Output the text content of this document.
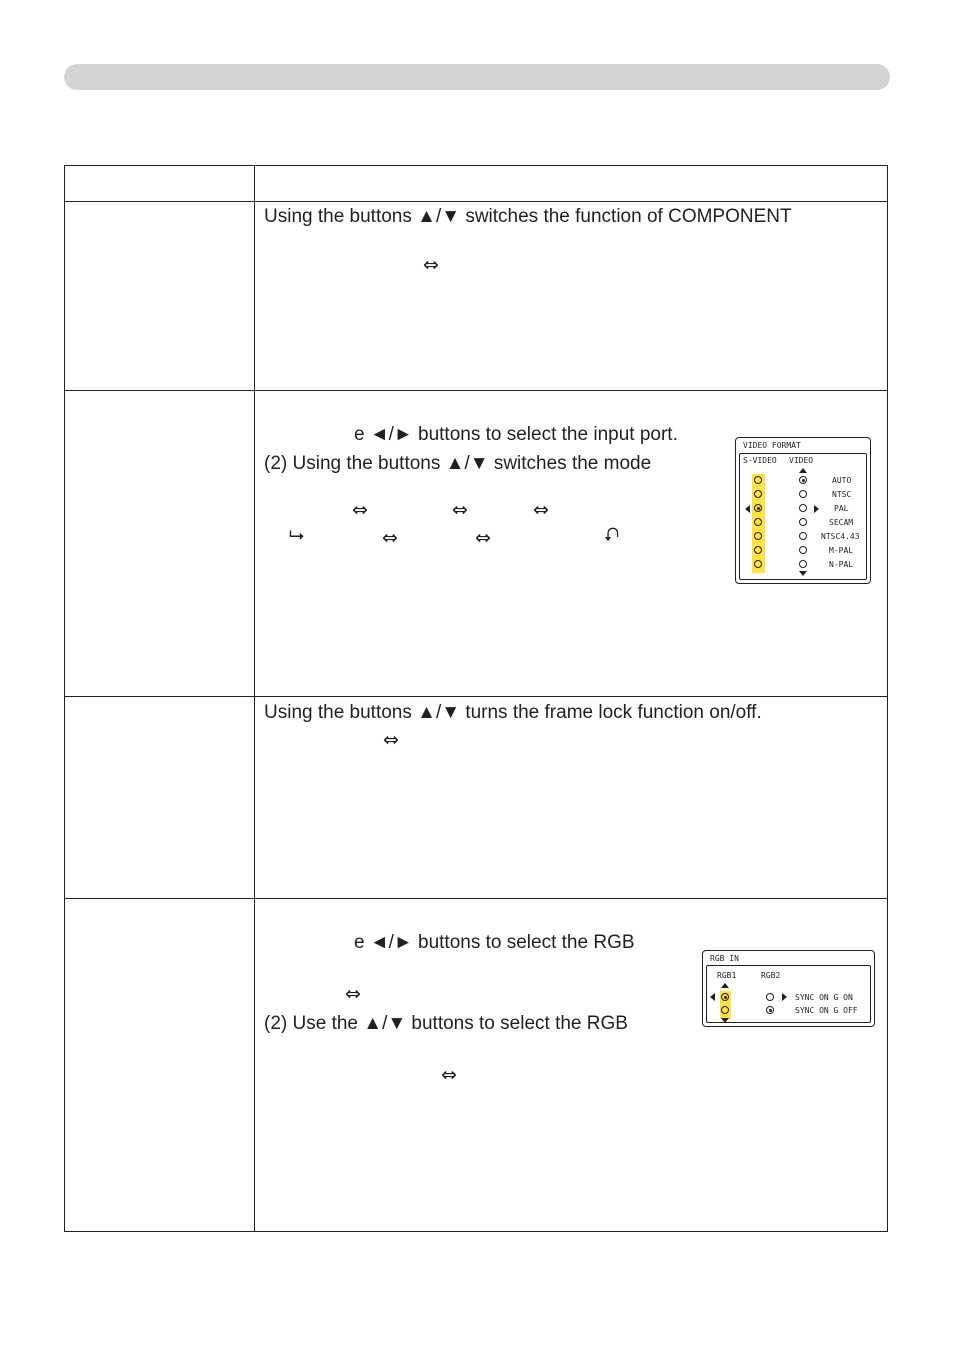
Using the buttons ▲/▼ switches the function of COMPONENT
⇔
e ◄/► buttons to select the input port.
(2) Using the buttons ▲/▼ switches the mode
⇔	⇔	⇔
⮡	⇔	⇔	⮏
VIDEO FORMAT
S-VIDEO VIDEO
AUTO
NTSC
PAL
SECAM
NTSC4.43
M-PAL
N-PAL
Using the buttons ▲/▼ turns the frame lock function on/off.
⇔
e ◄/► buttons to select the RGB
⇔
(2) Use the ▲/▼ buttons to select the RGB
⇔
RGB IN
RGB1	RGB2
SYNC ON G ON
SYNC ON G OFF
